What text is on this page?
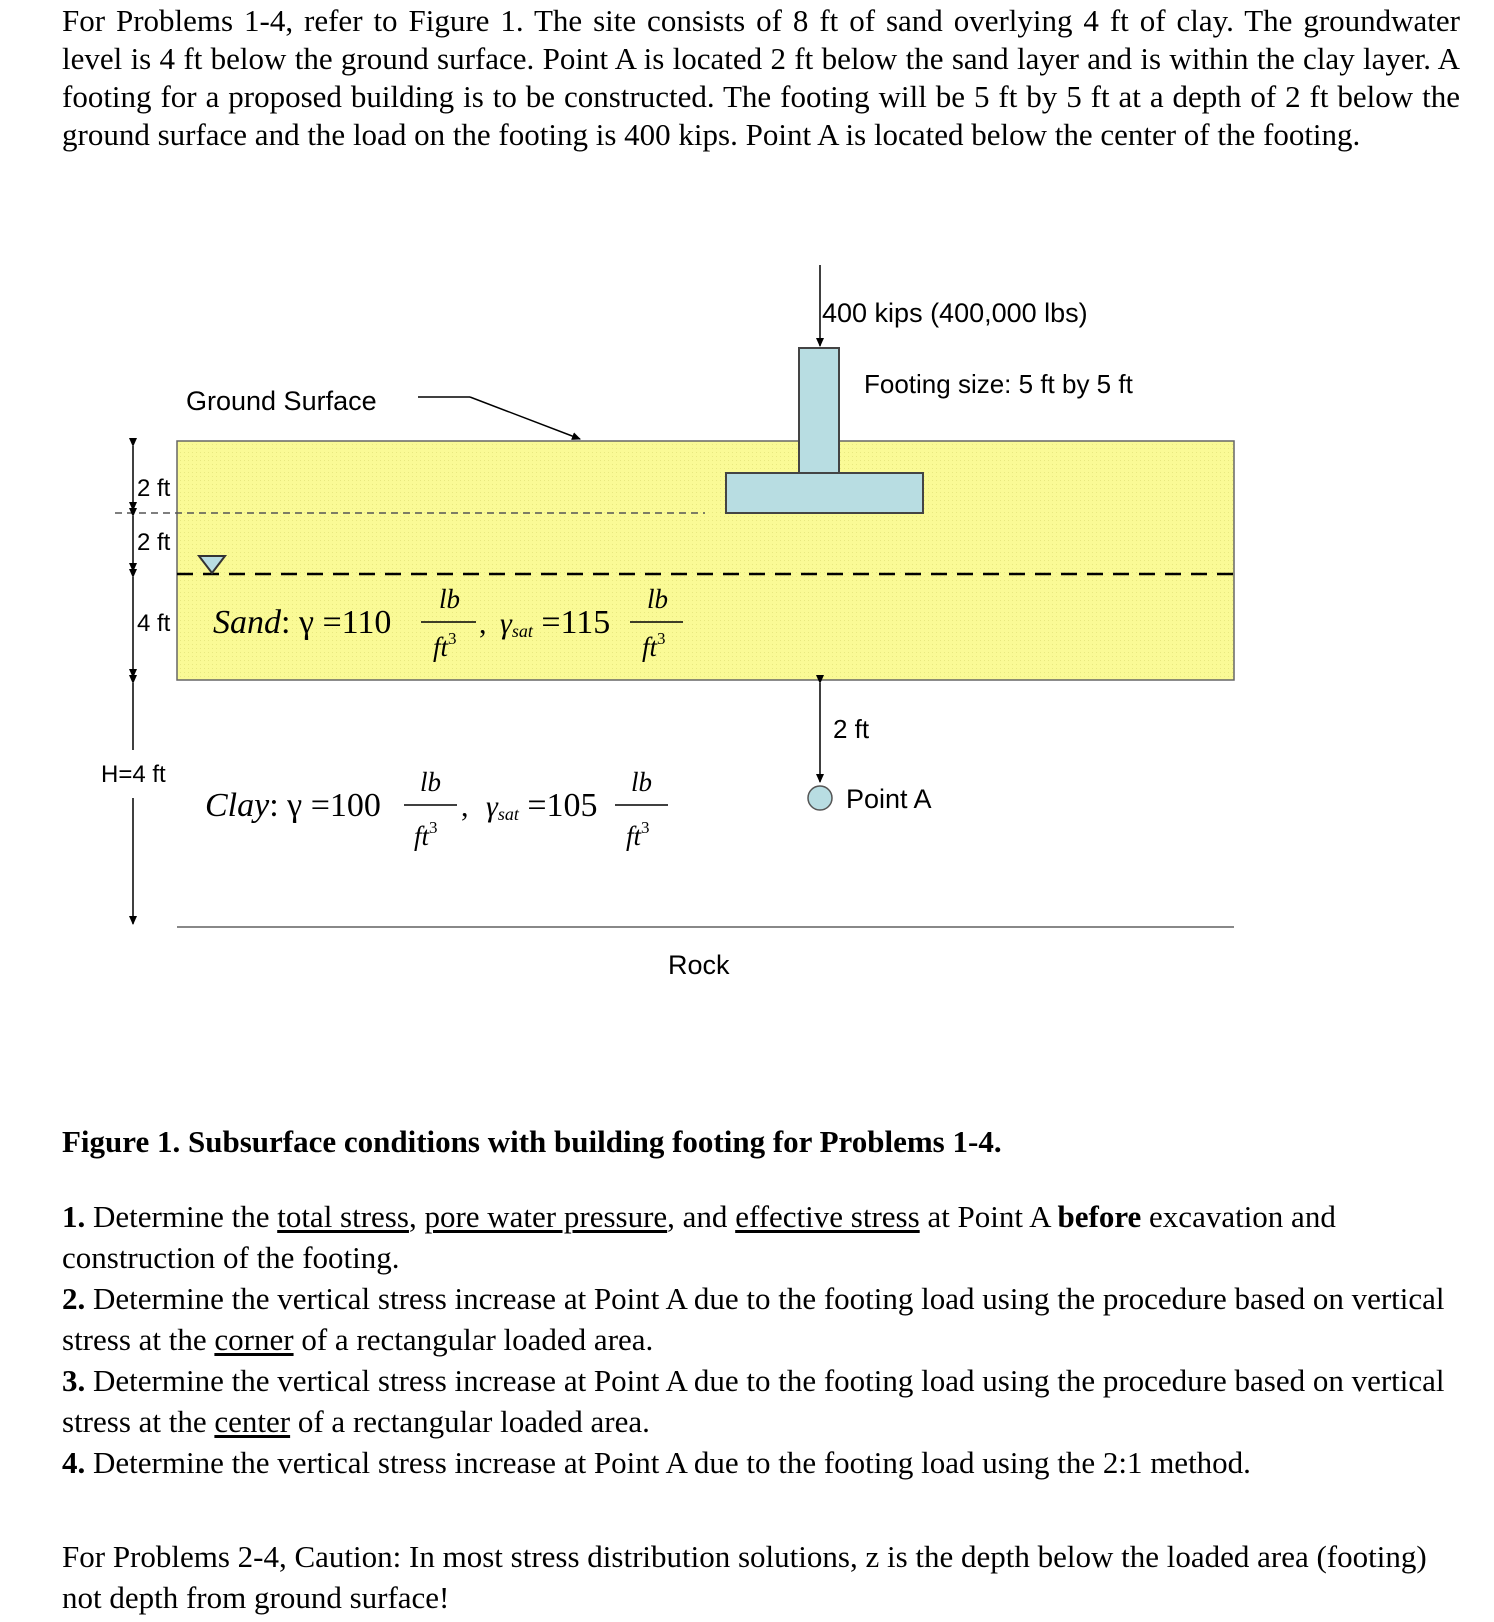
For Problems 1-4, refer to Figure 1. The site consists of 8 ft of sand overlying 4 ft of clay. The groundwater level is 4 ft below the ground surface. Point A is located 2 ft below the sand layer and is within the clay layer. A footing for a proposed building is to be constructed. The footing will be 5 ft by 5 ft at a depth of 2 ft below the ground surface and the load on the footing is 400 kips. Point A is located below the center of the footing.

400 kips (400,000 lbs)
Footing size: 5 ft by 5 ft
Ground Surface
2 ft
2 ft
4 ft
H=4 ft
Sand: γ =110
lb
$ft^3$ , γsat =115
lb
$ft^3$
Clay: γ =100
lb
$ft^3$
, γsat =105
lb
$ft^3$
2 ft
Point A
Rock

Figure 1. Subsurface conditions with building footing for Problems 1-4.

1. Determine the total stress, pore water pressure, and effective stress at Point A before excavation and construction of the footing.

2. Determine the vertical stress increase at Point A due to the footing load using the procedure based on vertical stress at the corner of a rectangular loaded area.

3. Determine the vertical stress increase at Point A due to the footing load using the procedure based on vertical stress at the center of a rectangular loaded area.

4. Determine the vertical stress increase at Point A due to the footing load using the 2:1 method.

For Problems 2-4, Caution: In most stress distribution solutions, z is the depth below the loaded area (footing) not depth from ground surface!
